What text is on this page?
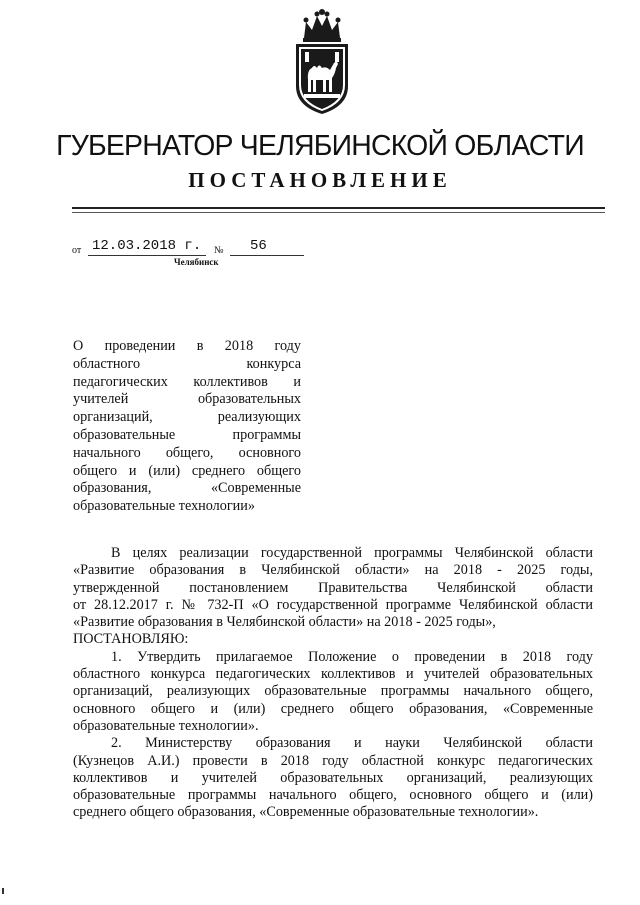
ГУБЕРНАТОР ЧЕЛЯБИНСКОЙ ОБЛАСТИ
ПОСТАНОВЛЕНИЕ
от 12.03.2018 г. № 56
Челябинск
О проведении в 2018 году
областного конкурса
педагогических коллективов и
учителей образовательных
организаций, реализующих
образовательные программы
начального общего, основного
общего и (или) среднего общего
образования, «Современные
образовательные технологии»
В целях реализации государственной программы Челябинской области
«Развитие образования в Челябинской области» на 2018 - 2025 годы,
утвержденной постановлением Правительства Челябинской области
от 28.12.2017 г. № 732-П «О государственной программе Челябинской области
«Развитие образования в Челябинской области» на 2018 - 2025 годы»,
ПОСТАНОВЛЯЮ:
1. Утвердить прилагаемое Положение о проведении в 2018 году
областного конкурса педагогических коллективов и учителей образовательных
организаций, реализующих образовательные программы начального общего,
основного общего и (или) среднего общего образования, «Современные
образовательные технологии».
2. Министерству образования и науки Челябинской области
(Кузнецов А.И.) провести в 2018 году областной конкурс педагогических
коллективов и учителей образовательных организаций, реализующих
образовательные программы начального общего, основного общего и (или)
среднего общего образования, «Современные образовательные технологии».
